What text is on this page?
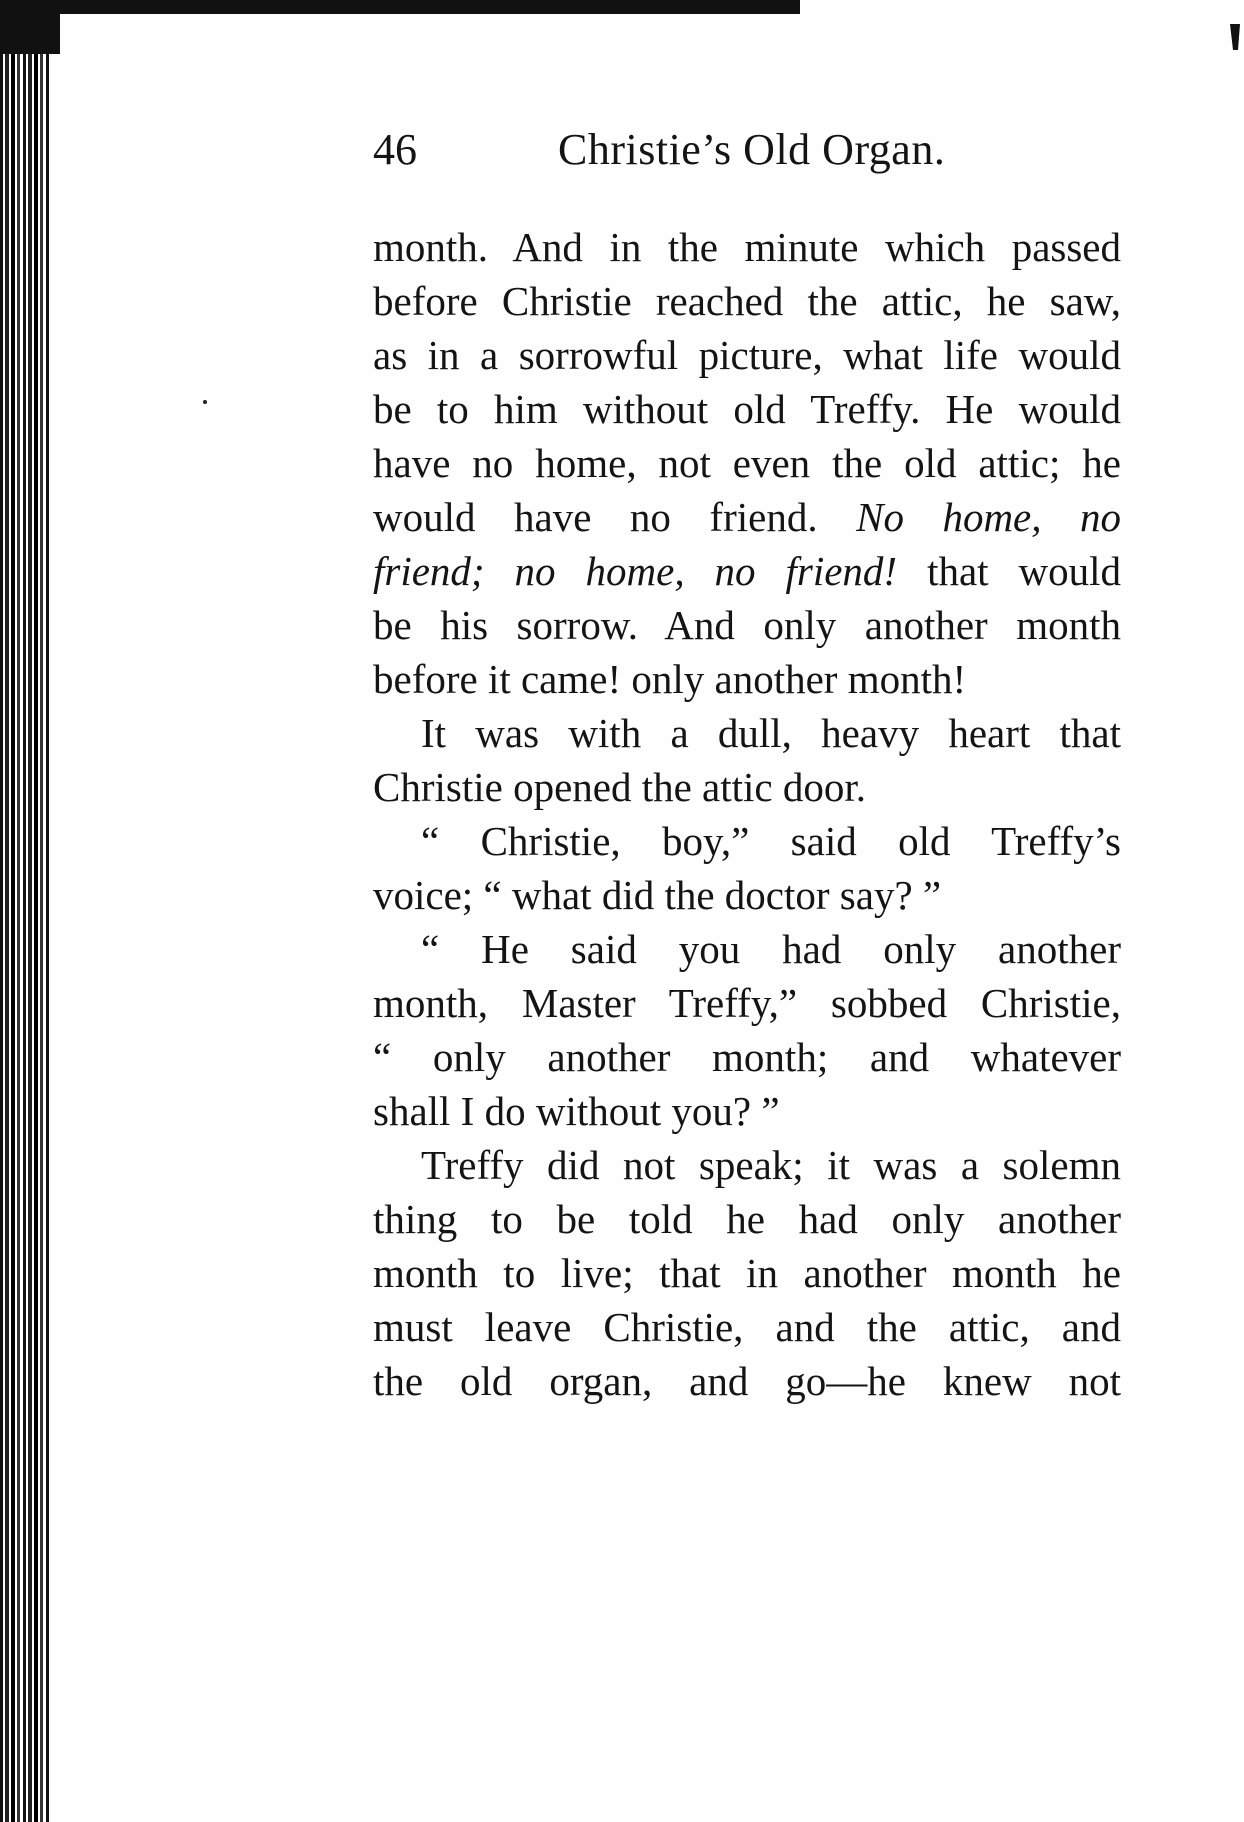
46	Christie’s Old Organ.
month. And in the minute which passed
before Christie reached the attic, he saw,
as in a sorrowful picture, what life would
be to him without old Treffy. He would
have no home, not even the old attic; he
would have no friend. No home, no
friend; no home, no friend! that would
be his sorrow. And only another month
before it came! only another month!
It was with a dull, heavy heart that
Christie opened the attic door.
“ Christie, boy,” said old Treffy’s
voice; “ what did the doctor say? ”
“ He said you had only another
month, Master Treffy,” sobbed Christie,
“ only another month; and whatever
shall I do without you? ”
Treffy did not speak; it was a solemn
thing to be told he had only another
month to live; that in another month he
must leave Christie, and the attic, and
the old organ, and go—he knew not
